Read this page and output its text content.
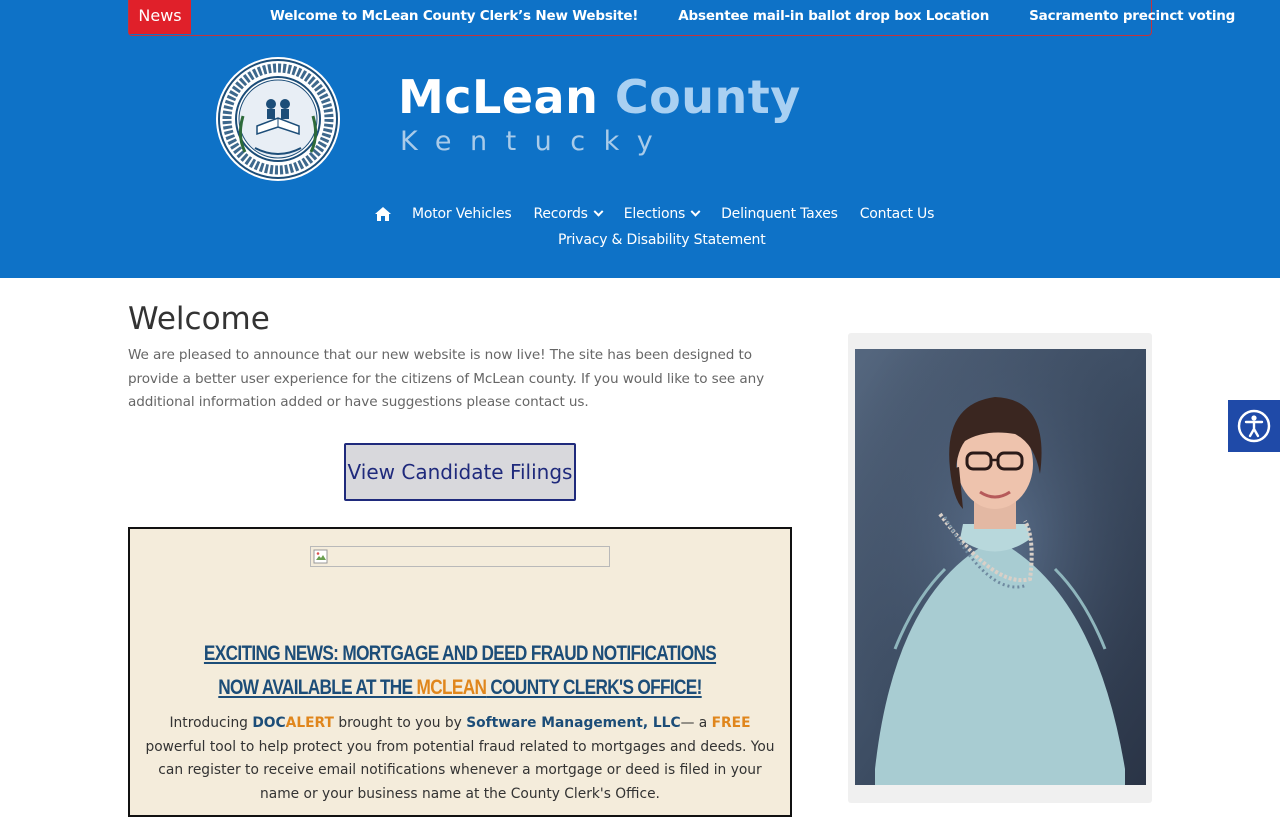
News	Welcome to McLean County Clerk’s New Website!	Absentee mail-in ballot drop box Location	Sacramento precinct voting
McLean County
Kentucky
Motor Vehicles Records	Elections	Delinquent Taxes Contact Us
Privacy & Disability Statement
Welcome

We are pleased to announce that our new website is now live! The site has been designed to provide a better user experience for the citizens of McLean county. If you would like to see any additional information added or have suggestions please contact us.

View Candidate Filings
EXCITING NEWS: MORTGAGE AND DEED FRAUD NOTIFICATIONS
NOW AVAILABLE AT THE MCLEAN COUNTY CLERK'S OFFICE!

Introducing DOCALERT brought to you by Software Management, LLC— a FREE powerful tool to help protect you from potential fraud related to mortgages and deeds. You can register to receive email notifications whenever a mortgage or deed is filed in your name or your business name at the County Clerk's Office.
